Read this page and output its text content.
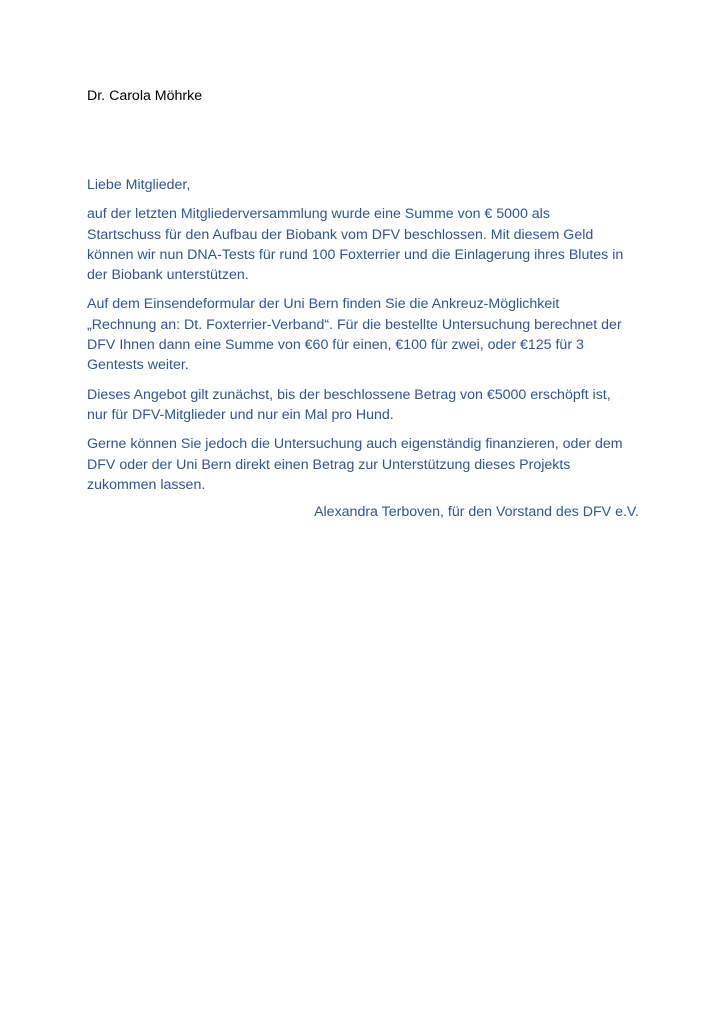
Dr. Carola Möhrke

Liebe Mitglieder,

auf der letzten Mitgliederversammlung wurde eine Summe von € 5000 als
Startschuss für den Aufbau der Biobank vom DFV beschlossen. Mit diesem Geld
können wir nun DNA-Tests für rund 100 Foxterrier und die Einlagerung ihres Blutes in
der Biobank unterstützen.

Auf dem Einsendeformular der Uni Bern finden Sie die Ankreuz-Möglichkeit
„Rechnung an: Dt. Foxterrier-Verband“. Für die bestellte Untersuchung berechnet der
DFV Ihnen dann eine Summe von €60 für einen, €100 für zwei, oder €125 für 3
Gentests weiter.

Dieses Angebot gilt zunächst, bis der beschlossene Betrag von €5000 erschöpft ist,
nur für DFV-Mitglieder und nur ein Mal pro Hund.

Gerne können Sie jedoch die Untersuchung auch eigenständig finanzieren, oder dem
DFV oder der Uni Bern direkt einen Betrag zur Unterstützung dieses Projekts
zukommen lassen.

Alexandra Terboven, für den Vorstand des DFV e.V.
